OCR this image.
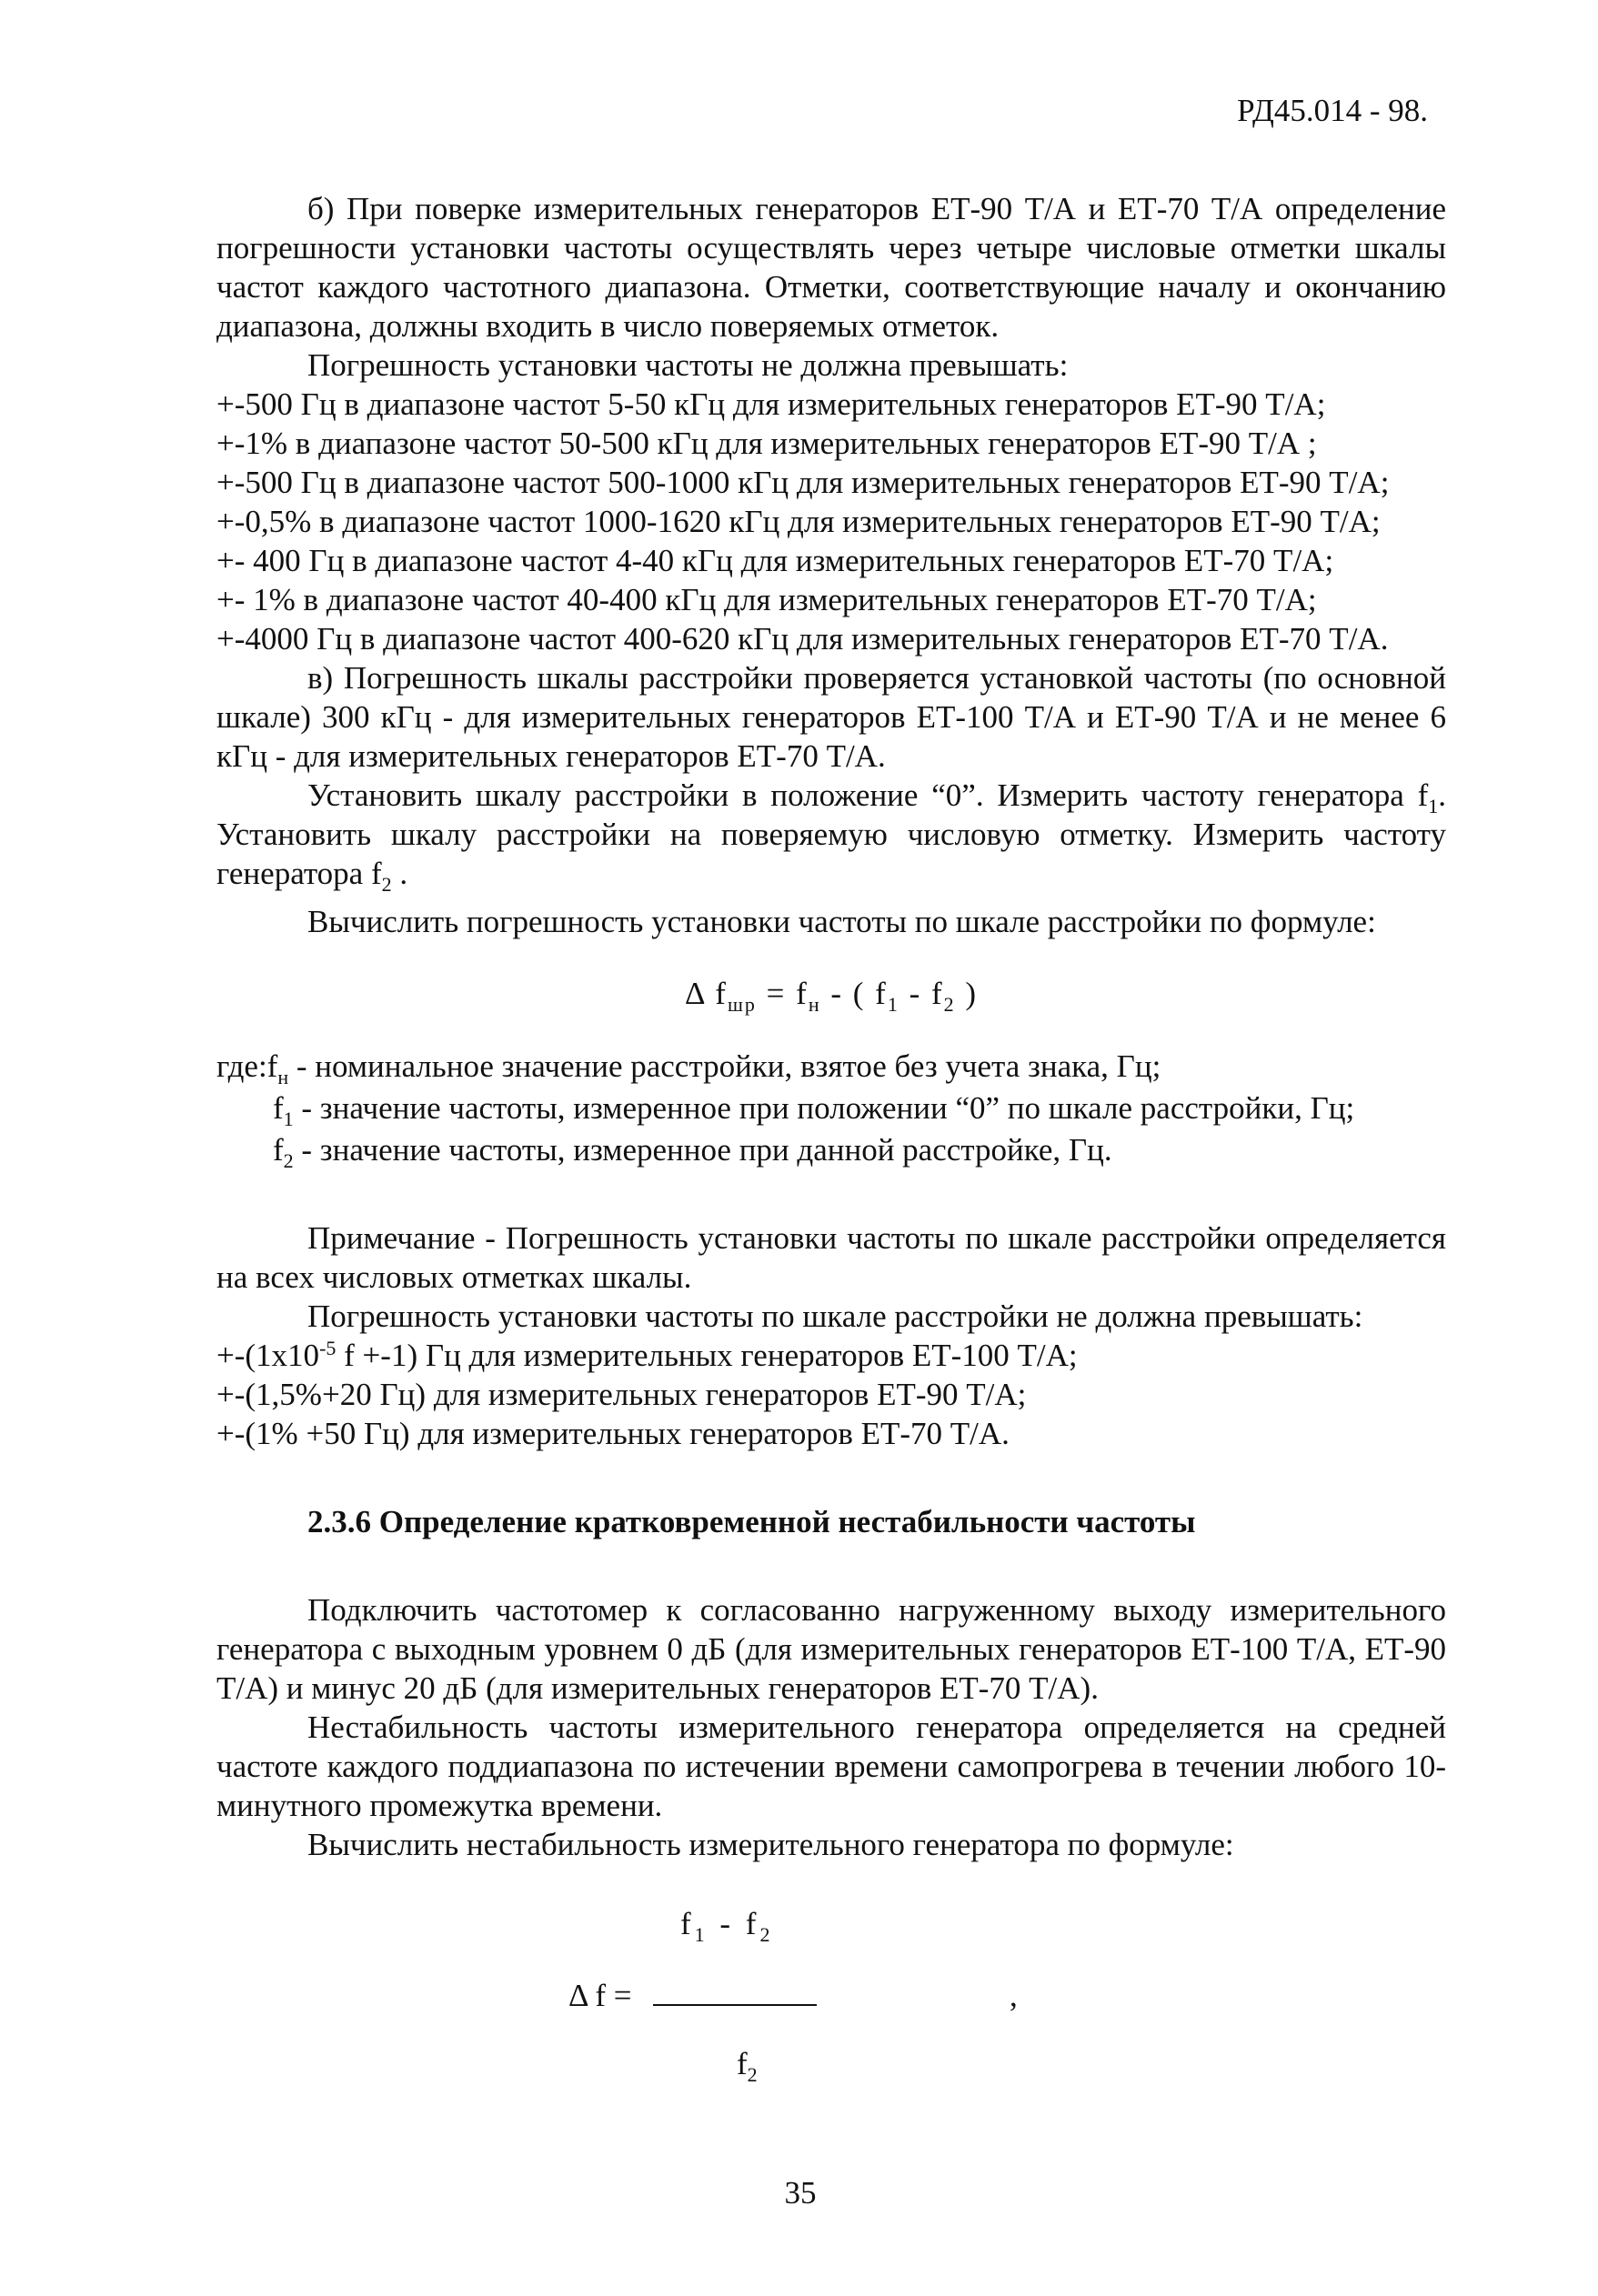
РД45.014 - 98.

б) При поверке измерительных генераторов ЕТ-90 Т/А и ЕТ-70 Т/А определение погрешности установки частоты осуществлять через четыре числовые отметки шкалы частот каждого частотного диапазона. Отметки, соответствующие началу и окончанию диапазона, должны входить в число поверяемых отметок.

Погрешность установки частоты не должна превышать:

+-500 Гц в диапазоне частот 5-50 кГц для измерительных генераторов ЕТ-90 Т/А;

+-1% в диапазоне частот 50-500 кГц для измерительных генераторов ЕТ-90 Т/А ;

+-500 Гц в диапазоне частот 500-1000 кГц для измерительных генераторов ЕТ-90 Т/А;

+-0,5% в диапазоне частот 1000-1620 кГц для измерительных генераторов ЕТ-90 Т/А;

+- 400 Гц в диапазоне частот 4-40 кГц для измерительных генераторов ЕТ-70 Т/А;

+- 1% в диапазоне частот 40-400 кГц для измерительных генераторов ЕТ-70 Т/А;

+-4000 Гц в диапазоне частот 400-620 кГц для измерительных генераторов ЕТ-70 Т/А.

в) Погрешность шкалы расстройки проверяется установкой частоты (по основной шкале) 300 кГц - для измерительных генераторов ЕТ-100 Т/А и ЕТ-90 Т/А и не менее 6 кГц - для измерительных генераторов ЕТ-70 Т/А.

Установить шкалу расстройки в положение “0”. Измерить частоту генератора $f_1$. Установить шкалу расстройки на поверяемую числовую отметку. Измерить частоту генератора $f_2$ .

Вычислить погрешность установки частоты по шкале расстройки по формуле:

Δ $f_{шр} = f_н$ - ( $f_1 - f_2$ )

$где:f_н$ - номинальное значение расстройки, взятое без учета знака, Гц;

$f_1$ - значение частоты, измеренное при положении “0” по шкале расстройки, Гц;

$f_2$ - значение частоты, измеренное при данной расстройке, Гц.

Примечание - Погрешность установки частоты по шкале расстройки определяется на всех числовых отметках шкалы.

Погрешность установки частоты по шкале расстройки не должна превышать:

$+-(1x10^{-5}$ f +-1) Гц для измерительных генераторов ЕТ-100 Т/А;

+-(1,5%+20 Гц) для измерительных генераторов ЕТ-90 Т/А;

+-(1% +50 Гц) для измерительных генераторов ЕТ-70 Т/А.

2.3.6 Определение кратковременной нестабильности частоты

Подключить частотомер к согласованно нагруженному выходу измерительного генератора с выходным уровнем 0 дБ (для измерительных генераторов ЕТ-100 Т/А, ЕТ-90 Т/А) и минус 20 дБ (для измерительных генераторов ЕТ-70 Т/А).

Нестабильность частоты измерительного генератора определяется на средней частоте каждого поддиапазона по истечении времени самопрогрева в течении любого 10-минутного промежутка времени.

Вычислить нестабильность измерительного генератора по формуле:

Δ f =
$f_1 - f_2$
$f_2$
,
35
